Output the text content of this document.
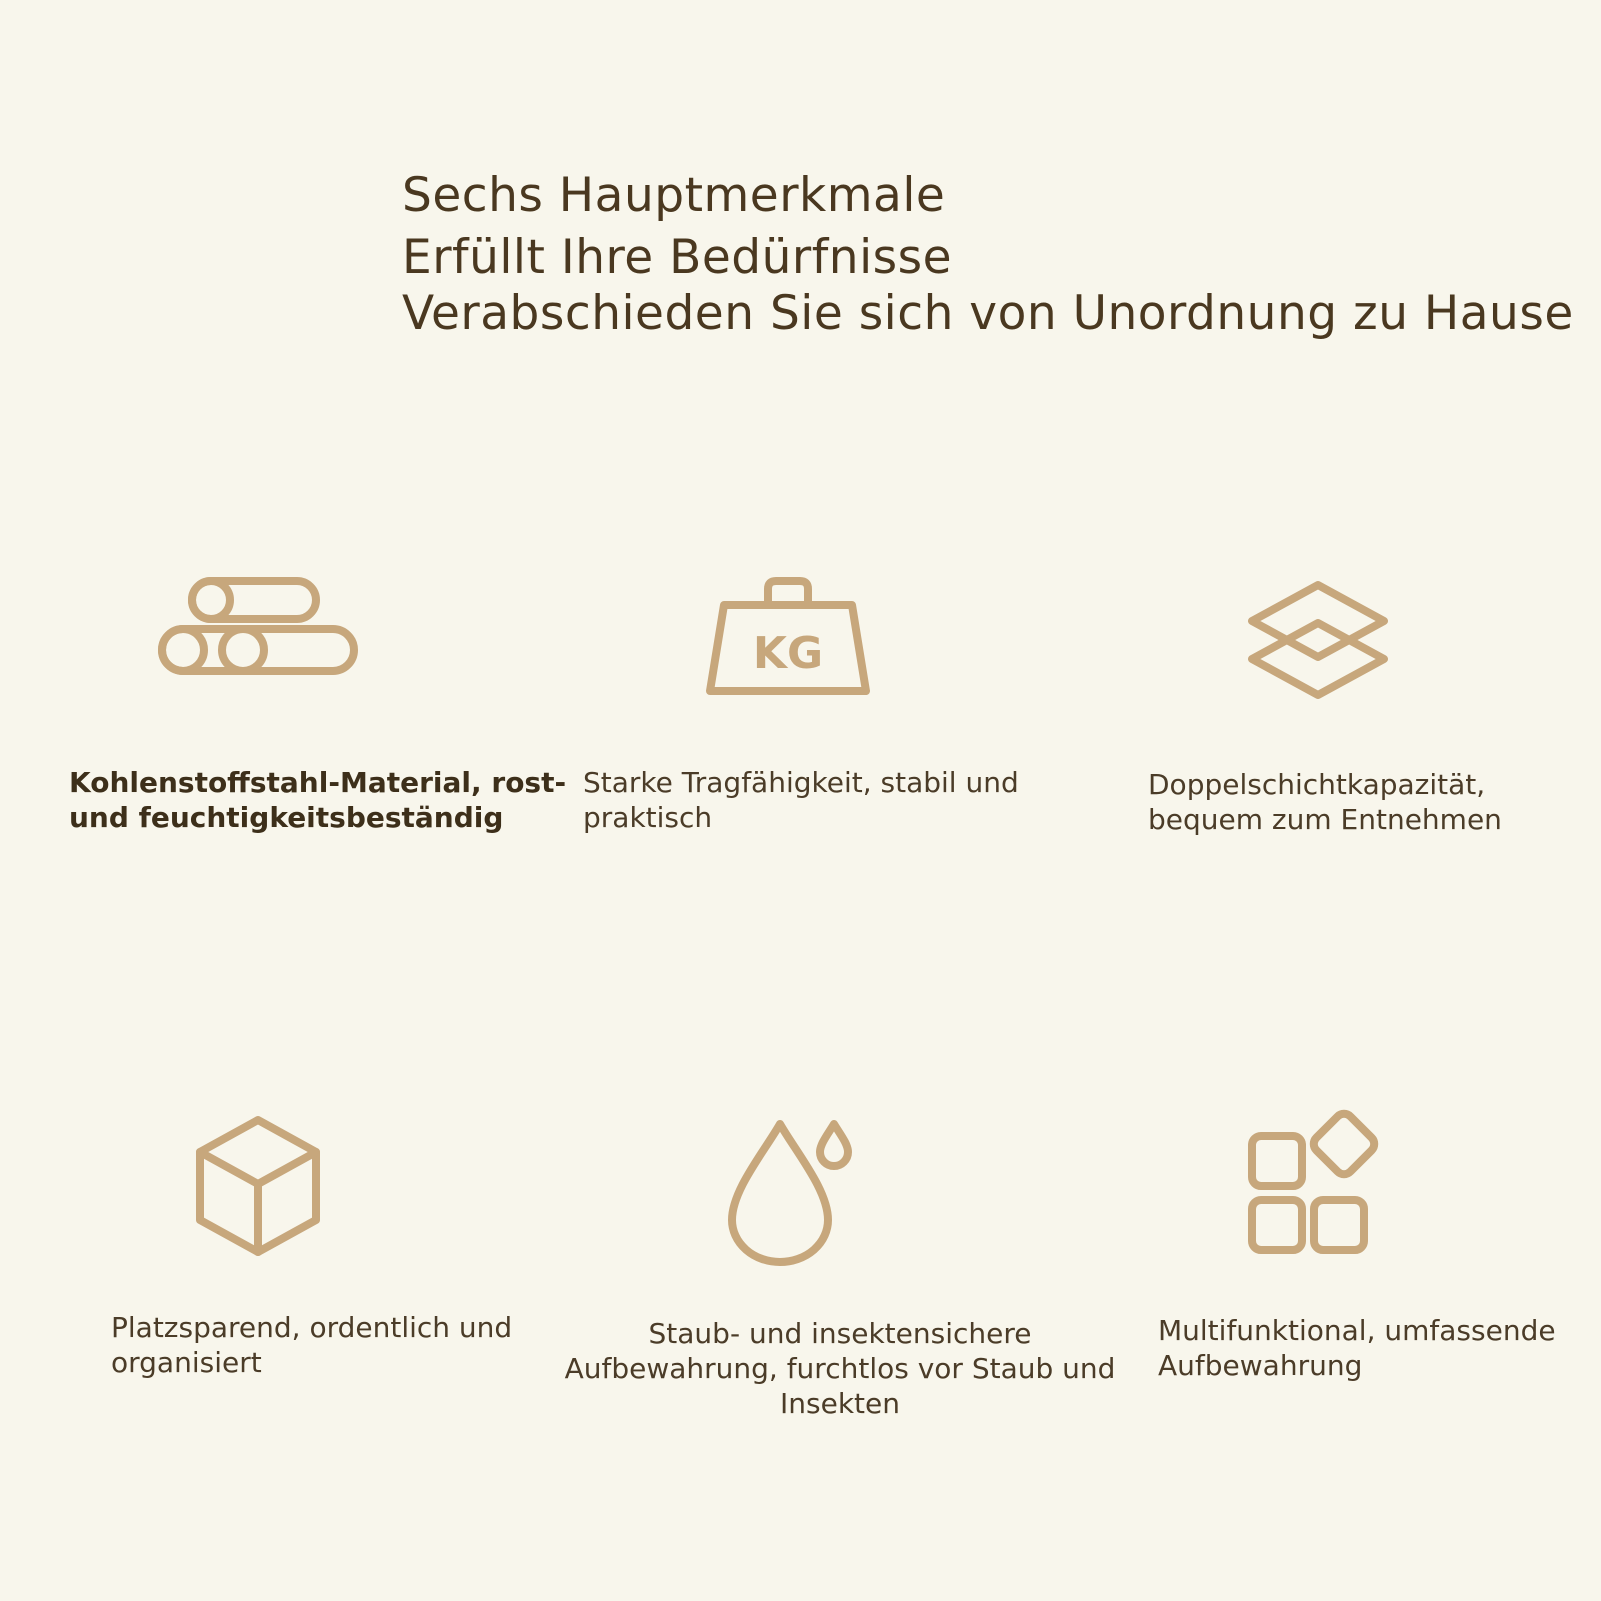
Sechs Hauptmerkmale
Erfüllt Ihre Bedürfnisse
Verabschieden Sie sich von Unordnung zu Hause
Kohlenstoffstahl-Material, rost-
und feuchtigkeitsbeständig
KG
Starke Tragfähigkeit, stabil und
praktisch
Doppelschichtkapazität,
bequem zum Entnehmen
Platzsparend, ordentlich und
organisiert
Staub- und insektensichere
Aufbewahrung, furchtlos vor Staub und
Insekten
Multifunktional, umfassende
Aufbewahrung
